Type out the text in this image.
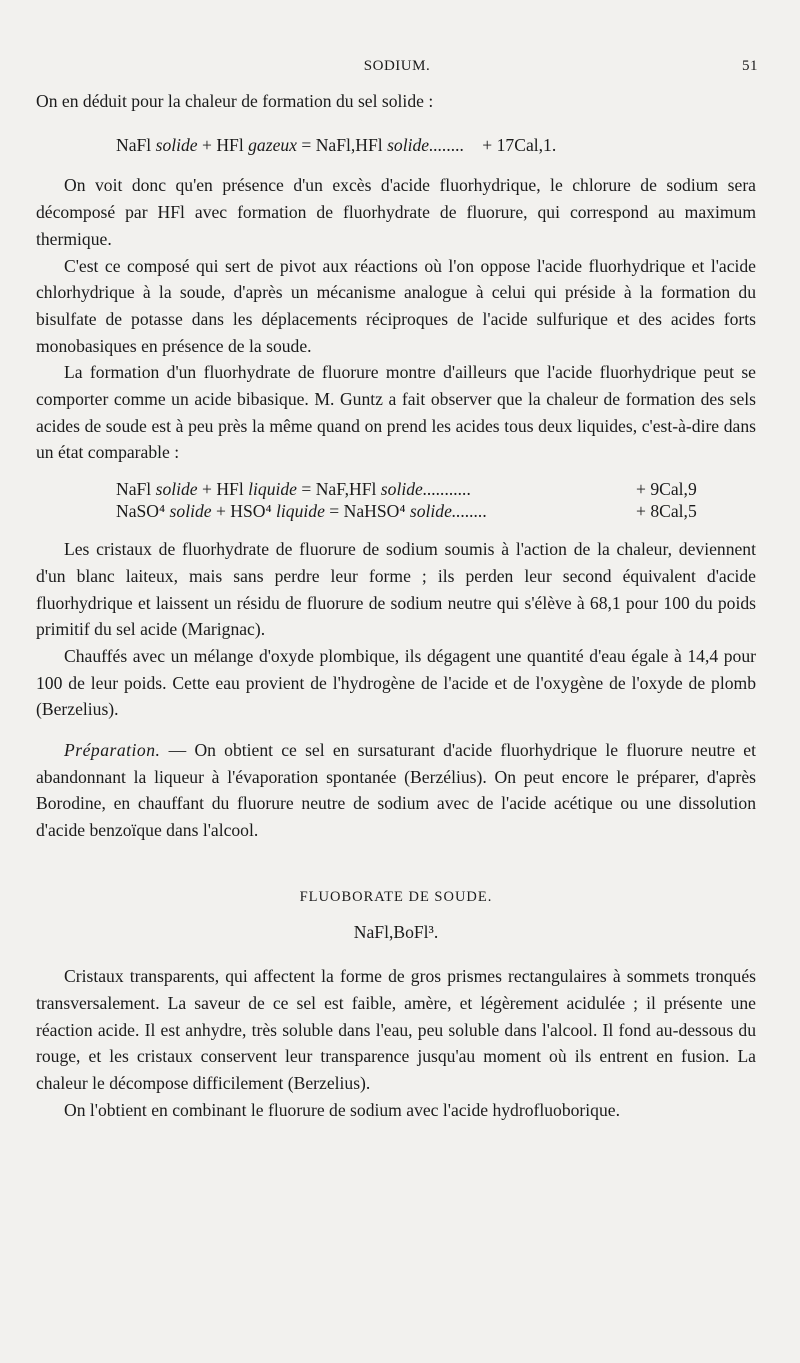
SODIUM.	51

On en déduit pour la chaleur de formation du sel solide :

NaFl solide + HFl gazeux = NaFl,HFl solide........ + 17Cal,1.

On voit donc qu'en présence d'un excès d'acide fluorhydrique, le chlorure de sodium sera décomposé par HFl avec formation de fluorhydrate de fluorure, qui correspond au maximum thermique.

C'est ce composé qui sert de pivot aux réactions où l'on oppose l'acide fluorhydrique et l'acide chlorhydrique à la soude, d'après un mécanisme analogue à celui qui préside à la formation du bisulfate de potasse dans les déplacements réciproques de l'acide sulfurique et des acides forts monobasiques en présence de la soude.

La formation d'un fluorhydrate de fluorure montre d'ailleurs que l'acide fluorhydrique peut se comporter comme un acide bibasique. M. Guntz a fait observer que la chaleur de formation des sels acides de soude est à peu près la même quand on prend les acides tous deux liquides, c'est-à-dire dans un état comparable :

NaFl solide + HFl liquide = NaF,HFl solide...........	+ 9Cal,9

NaSO⁴ solide + HSO⁴ liquide = NaHSO⁴ solide........	+ 8Cal,5

Les cristaux de fluorhydrate de fluorure de sodium soumis à l'action de la chaleur, deviennent d'un blanc laiteux, mais sans perdre leur forme ; ils perden leur second équivalent d'acide fluorhydrique et laissent un résidu de fluorure de sodium neutre qui s'élève à 68,1 pour 100 du poids primitif du sel acide (Marignac).

Chauffés avec un mélange d'oxyde plombique, ils dégagent une quantité d'eau égale à 14,4 pour 100 de leur poids. Cette eau provient de l'hydrogène de l'acide et de l'oxygène de l'oxyde de plomb (Berzelius).

Préparation. — On obtient ce sel en sursaturant d'acide fluorhydrique le fluorure neutre et abandonnant la liqueur à l'évaporation spontanée (Berzélius). On peut encore le préparer, d'après Borodine, en chauffant du fluorure neutre de sodium avec de l'acide acétique ou une dissolution d'acide benzoïque dans l'alcool.

FLUOBORATE DE SOUDE.
NaFl,BoFl³.

Cristaux transparents, qui affectent la forme de gros prismes rectangulaires à sommets tronqués transversalement. La saveur de ce sel est faible, amère, et légèrement acidulée ; il présente une réaction acide. Il est anhydre, très soluble dans l'eau, peu soluble dans l'alcool. Il fond au-dessous du rouge, et les cristaux conservent leur transparence jusqu'au moment où ils entrent en fusion. La chaleur le décompose difficilement (Berzelius).

On l'obtient en combinant le fluorure de sodium avec l'acide hydrofluoborique.
